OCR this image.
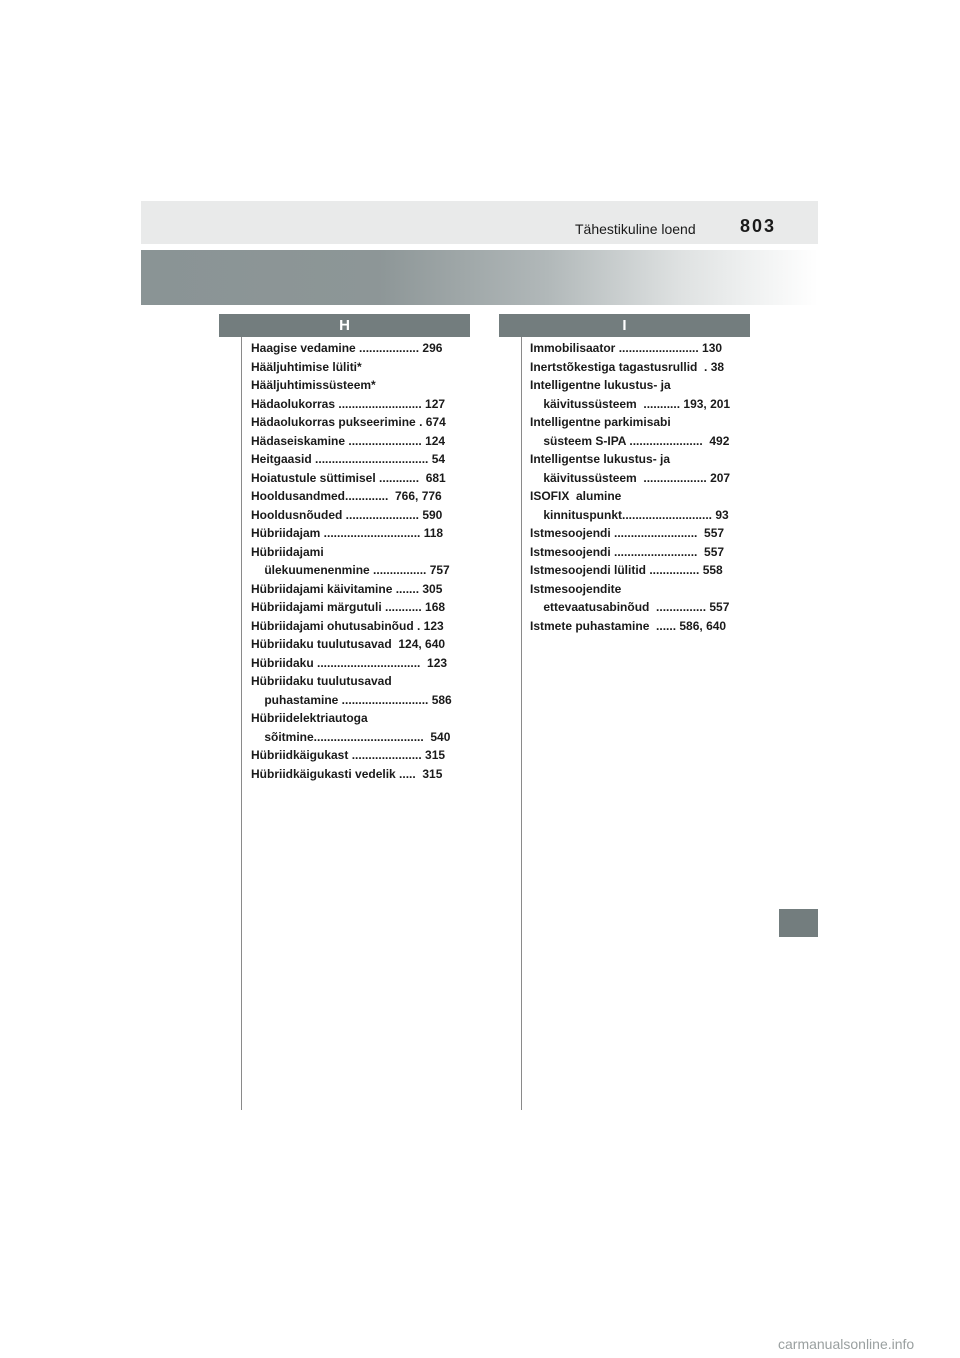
Tähestikuline loend 803
H	I
Haagise vedamine .................. 296
Hääljuhtimise lüliti*
Hääljuhtimissüsteem*
Hädaolukorras ......................... 127
Hädaolukorras pukseerimine . 674
Hädaseiskamine ...................... 124
Heitgaasid .................................. 54
Hoiatustule süttimisel ............  681
Hooldusandmed.............  766, 776
Hooldusnõuded ...................... 590
Hübriidajam ............................. 118
Hübriidajami
ülekuumenenmine ................ 757
Hübriidajami käivitamine ....... 305
Hübriidajami märgutuli ........... 168
Hübriidajami ohutusabinõud . 123
Hübriidaku tuulutusavad  124, 640
Hübriidaku ...............................  123
Hübriidaku tuulutusavad
puhastamine .......................... 586
Hübriidelektriautoga
sõitmine.................................  540
Hübriidkäigukast ..................... 315
Hübriidkäigukasti vedelik .....  315
Immobilisaator ........................ 130
Inertstõkestiga tagastusrullid  . 38
Intelligentne lukustus- ja
käivitussüsteem  ........... 193, 201
Intelligentne parkimisabi
süsteem S-IPA ......................  492
Intelligentse lukustus- ja
käivitussüsteem  ................... 207
ISOFIX  alumine
kinnituspunkt........................... 93
Istmesoojendi .........................  557
Istmesoojendi .........................  557
Istmesoojendi lülitid ............... 558
Istmesoojendite
ettevaatusabinõud  ............... 557
Istmete puhastamine  ...... 586, 640
carmanualsonline.info
